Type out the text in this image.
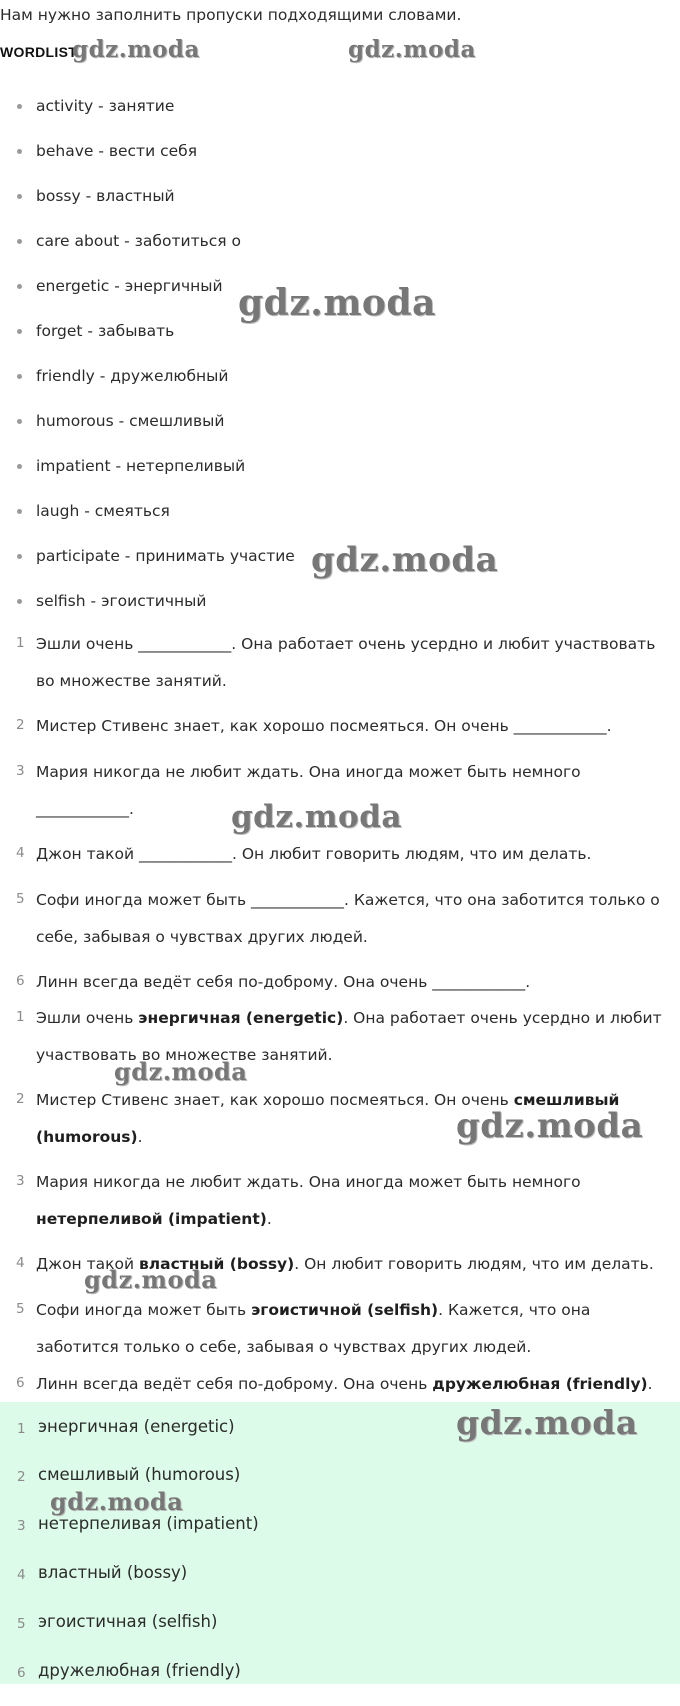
Нам нужно заполнить пропуски подходящими словами.
WORDLIST
activity - занятие
behave - вести себя
bossy - властный
care about - заботиться о
energetic - энергичный
forget - забывать
friendly - дружелюбный
humorous - смешливый
impatient - нетерпеливый
laugh - смеяться
participate - принимать участие
selfish - эгоистичный
1 Эшли очень ____________. Она работает очень усердно и любит участвовать во множестве занятий.
2 Мистер Стивенс знает, как хорошо посмеяться. Он очень ____________.
3 Мария никогда не любит ждать. Она иногда может быть немного ____________.
4 Джон такой ____________. Он любит говорить людям, что им делать.
5 Софи иногда может быть ____________. Кажется, что она заботится только о себе, забывая о чувствах других людей.
6 Линн всегда ведёт себя по-доброму. Она очень ____________.
1 Эшли очень энергичная (energetic). Она работает очень усердно и любит участвовать во множестве занятий.
2 Мистер Стивенс знает, как хорошо посмеяться. Он очень смешливый (humorous).
3 Мария никогда не любит ждать. Она иногда может быть немного нетерпеливой (impatient).
4 Джон такой властный (bossy). Он любит говорить людям, что им делать.
5 Софи иногда может быть эгоистичной (selfish). Кажется, что она заботится только о себе, забывая о чувствах других людей.
6 Линн всегда ведёт себя по-доброму. Она очень дружелюбная (friendly).
1 энергичная (energetic)
2 смешливый (humorous)
3 нетерпеливая (impatient)
4 властный (bossy)
5 эгоистичная (selfish)
6 дружелюбная (friendly)
gdz.moda	gdz.moda
gdz.moda
gdz.moda
gdz.moda
gdz.moda
gdz.moda
gdz.moda
gdz.moda
gdz.moda
